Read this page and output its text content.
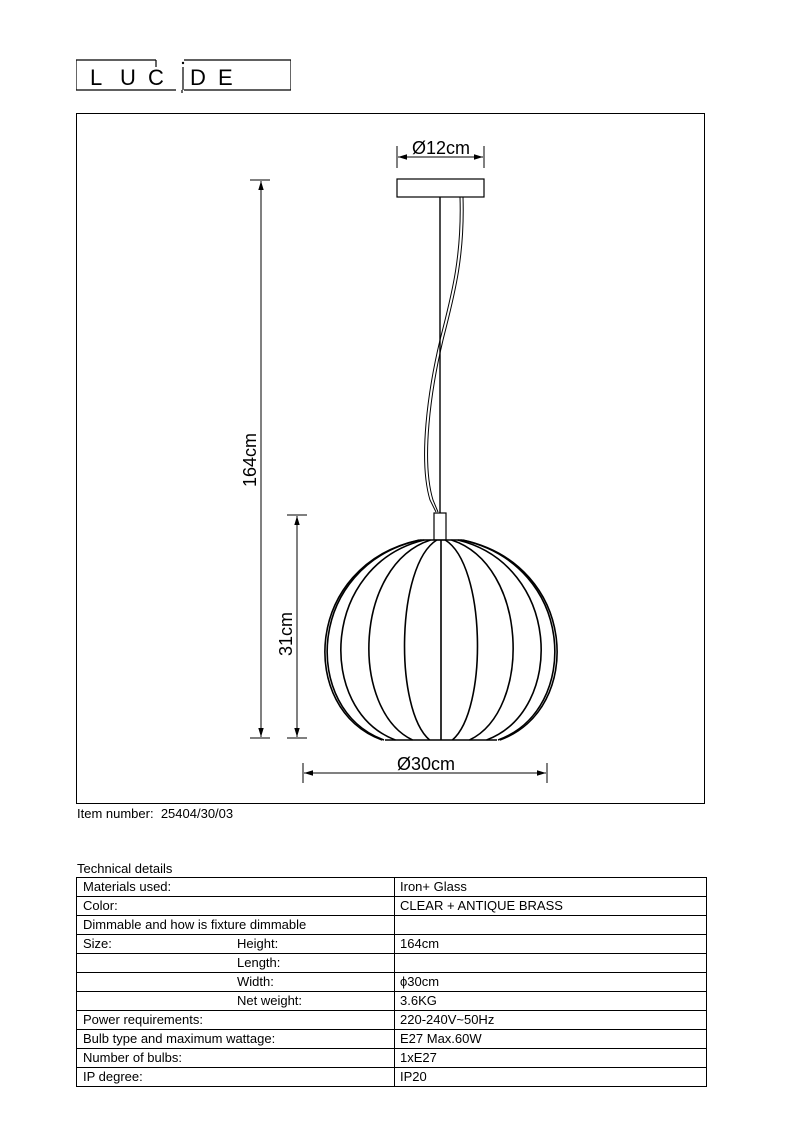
L U C D E
Ø12cm
164cm
31cm
Ø30cm
Item number: 25404/30/03
Technical details
Materials used:	Iron+ Glass
Color:	CLEAR + ANTIQUE BRASS
Dimmable and how is fixture dimmable

Size: Height:	164cm

Length:	

Width:	ϕ30cm

Net weight:	3.6KG
Power requirements:	220-240V~50Hz
Bulb type and maximum wattage:	E27 Max.60W
Number of bulbs:	1xE27
IP degree:	IP20
